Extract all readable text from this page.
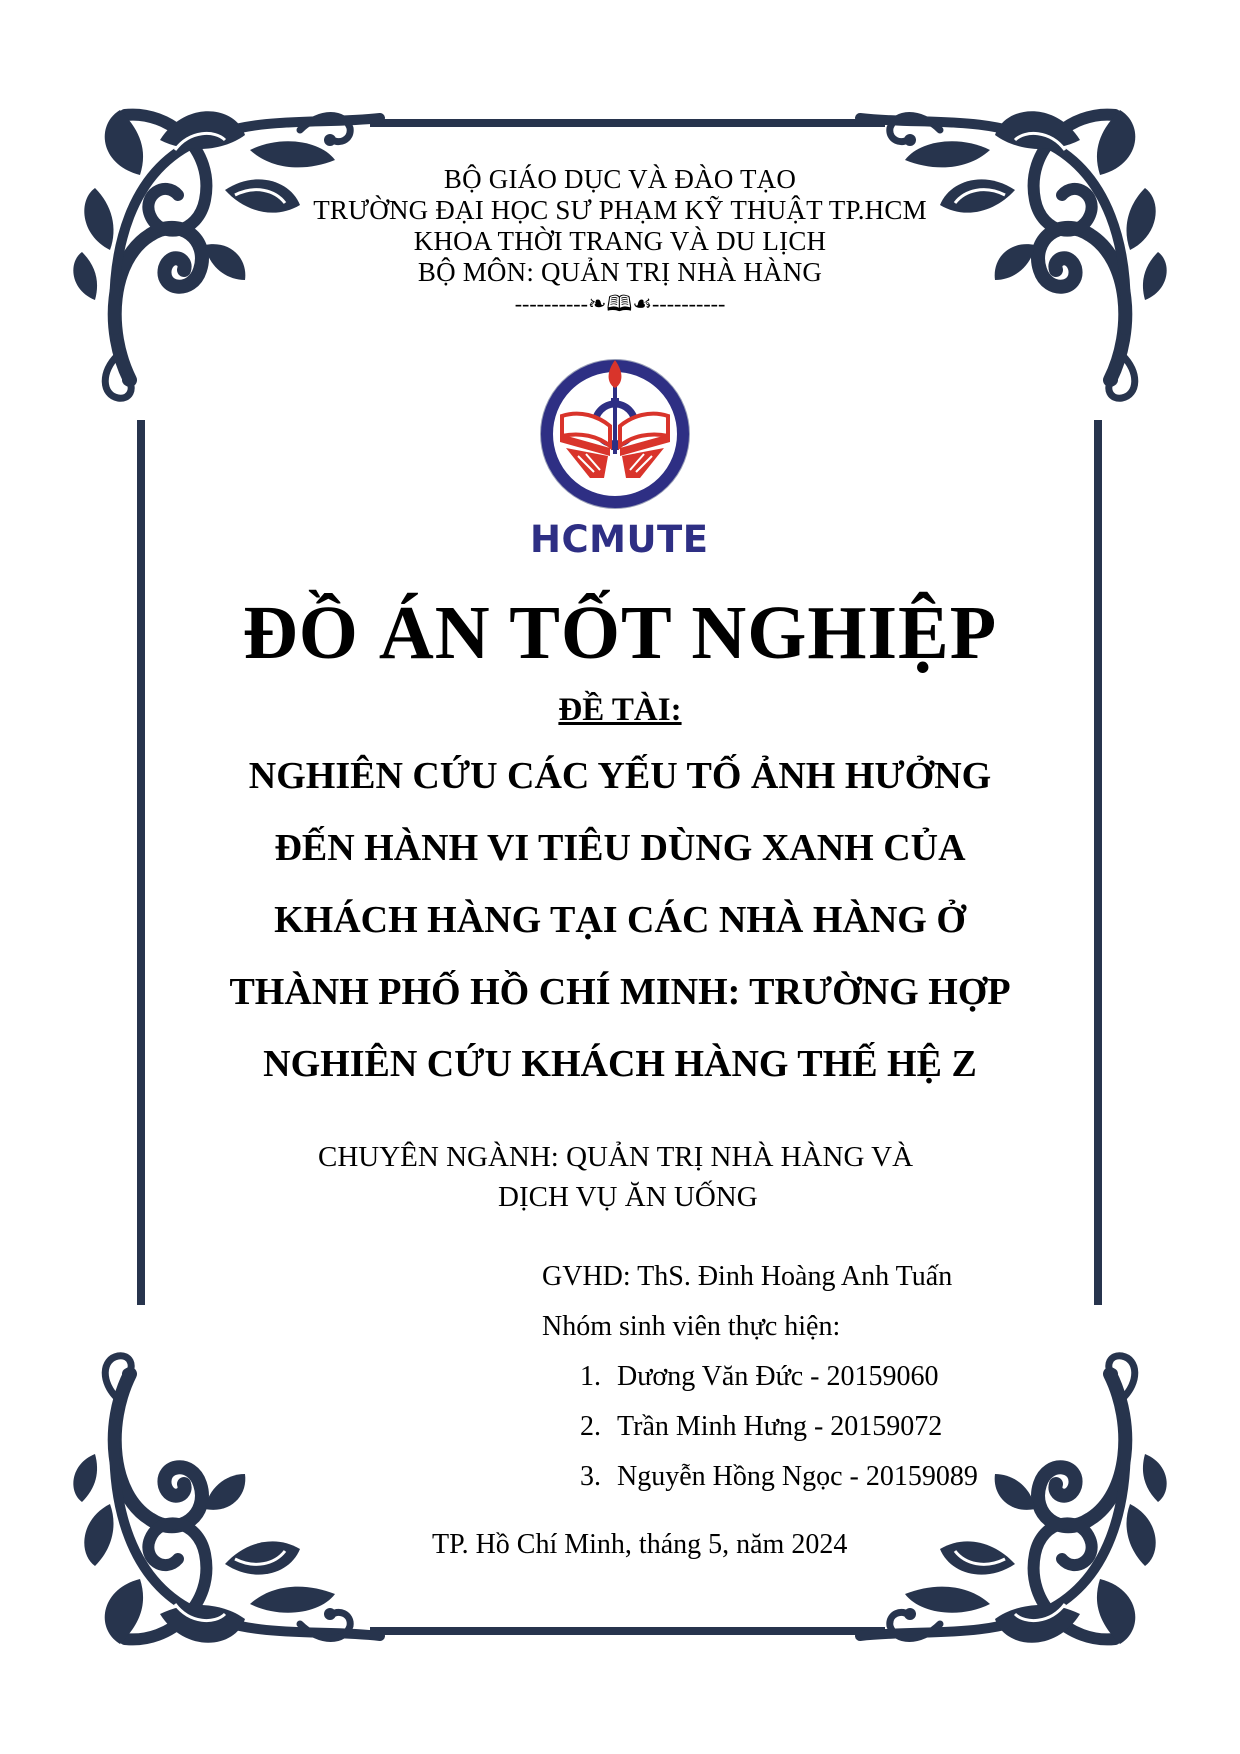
BỘ GIÁO DỤC VÀ ĐÀO TẠO
TRƯỜNG ĐẠI HỌC SƯ PHẠM KỸ THUẬT TP.HCM
KHOA THỜI TRANG VÀ DU LỊCH
BỘ MÔN: QUẢN TRỊ NHÀ HÀNG
----------❧🕮☙----------
HCMUTE
ĐỒ ÁN TỐT NGHIỆP
ĐỀ TÀI:
NGHIÊN CỨU CÁC YẾU TỐ ẢNH HƯỞNG
ĐẾN HÀNH VI TIÊU DÙNG XANH CỦA
KHÁCH HÀNG TẠI CÁC NHÀ HÀNG Ở
THÀNH PHỐ HỒ CHÍ MINH: TRƯỜNG HỢP
NGHIÊN CỨU KHÁCH HÀNG THẾ HỆ Z
CHUYÊN NGÀNH: QUẢN TRỊ NHÀ HÀNG VÀ
DỊCH VỤ ĂN UỐNG
GVHD: ThS. Đinh Hoàng Anh Tuấn
Nhóm sinh viên thực hiện:
1. Dương Văn Đức - 20159060
2. Trần Minh Hưng - 20159072
3. Nguyễn Hồng Ngọc - 20159089
TP. Hồ Chí Minh, tháng 5, năm 2024
